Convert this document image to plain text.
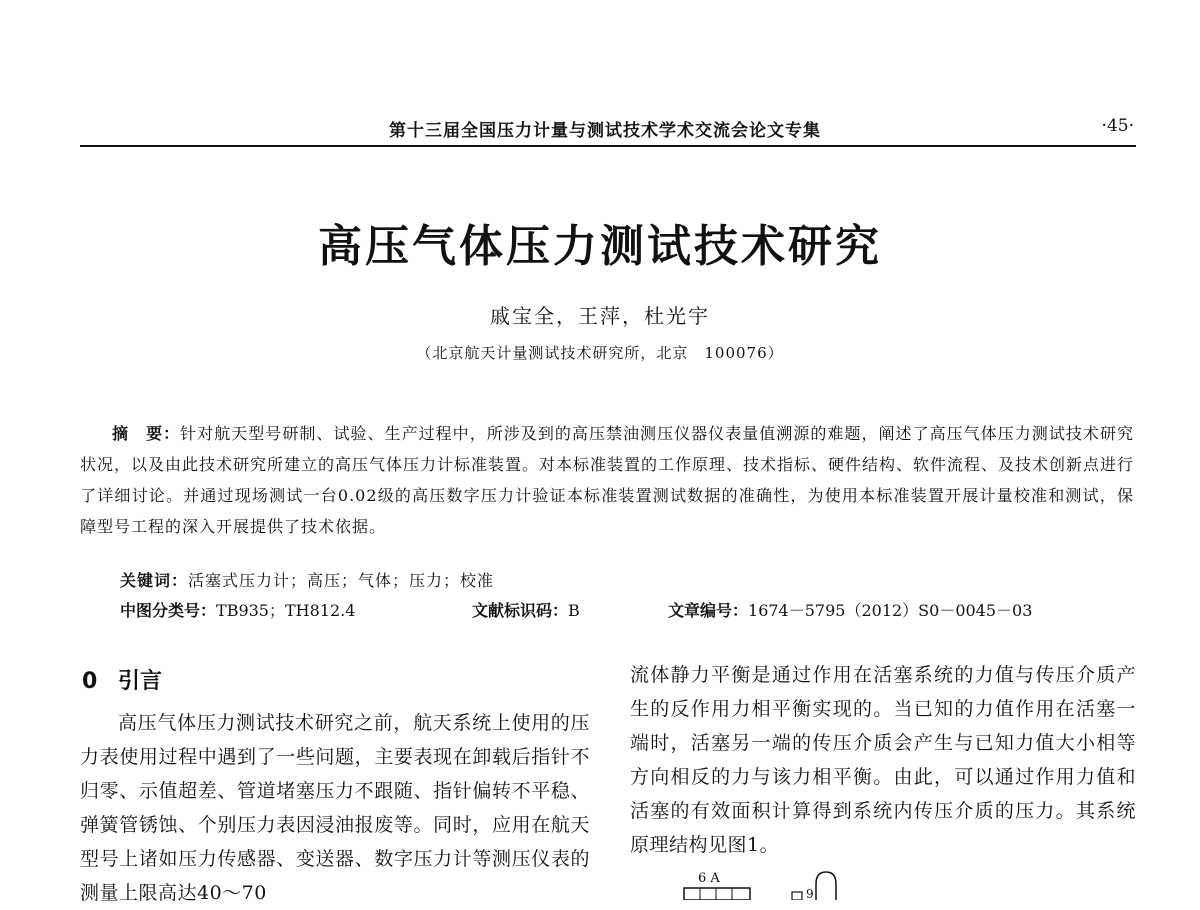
第十三届全国压力计量与测试技术学术交流会论文专集	·45·
高压气体压力测试技术研究
戚宝全，王萍，杜光宇
（北京航天计量测试技术研究所，北京　100076）

摘　要：针对航天型号研制、试验、生产过程中，所涉及到的高压禁油测压仪器仪表量值溯源的难题，阐述了高压气体压力测试技术研究状况，以及由此技术研究所建立的高压气体压力计标准装置。对本标准装置的工作原理、技术指标、硬件结构、软件流程、及技术创新点进行了详细讨论。并通过现场测试一台0.02级的高压数字压力计验证本标准装置测试数据的准确性，为使用本标准装置开展计量校准和测试，保障型号工程的深入开展提供了技术依据。

关键词：活塞式压力计；高压；气体；压力；校准
中图分类号：TB935；TH812.4	文献标识码：B	文章编号：1674－5795（2012）S0－0045－03
0 引言

高压气体压力测试技术研究之前，航天系统上使用的压力表使用过程中遇到了一些问题，主要表现在卸载后指针不归零、示值超差、管道堵塞压力不跟随、指针偏转不平稳、弹簧管锈蚀、个别压力表因浸油报废等。同时，应用在航天型号上诸如压力传感器、变送器、数字压力计等测压仪表的测量上限高达40～70

流体静力平衡是通过作用在活塞系统的力值与传压介质产生的反作用力相平衡实现的。当已知的力值作用在活塞一端时，活塞另一端的传压介质会产生与已知力值大小相等方向相反的力与该力相平衡。由此，可以通过作用力值和活塞的有效面积计算得到系统内传压介质的压力。其系统原理结构见图1。

6 A
9
